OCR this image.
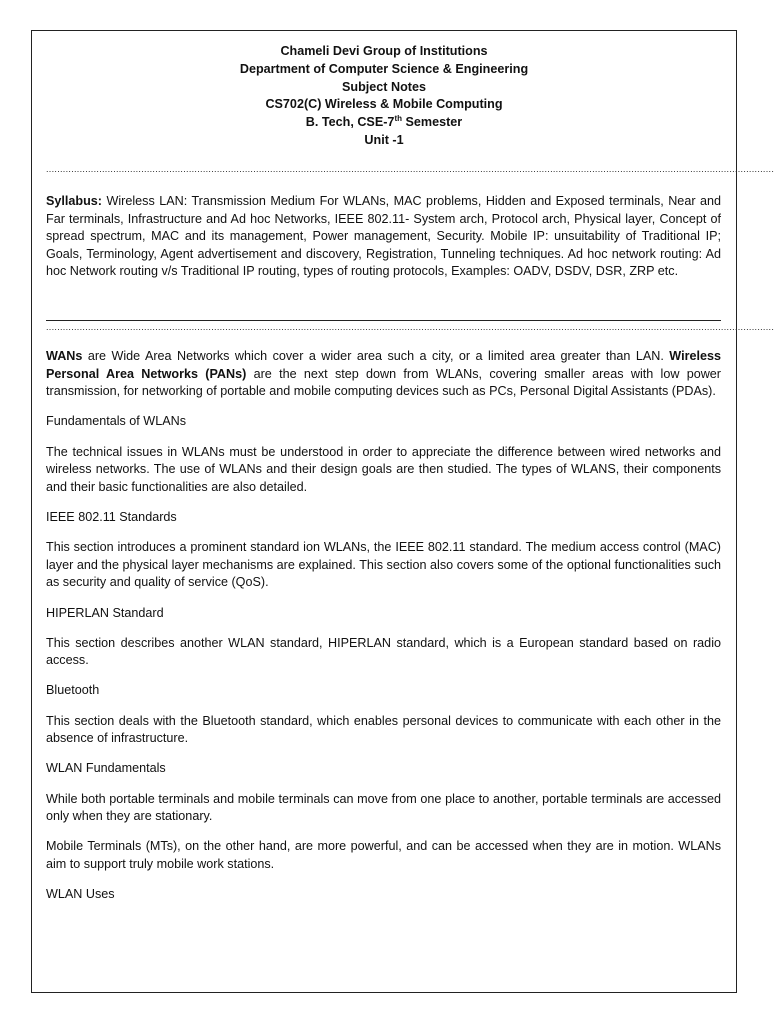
Chameli Devi Group of Institutions
Department of Computer Science & Engineering
Subject Notes
CS702(C) Wireless & Mobile Computing
B. Tech, CSE-7th Semester
Unit -1
....................................................................................................................................................................................................................................................................
Syllabus: Wireless LAN: Transmission Medium For WLANs, MAC problems, Hidden and Exposed terminals, Near and Far terminals, Infrastructure and Ad hoc Networks, IEEE 802.11- System arch, Protocol arch, Physical layer, Concept of spread spectrum, MAC and its management, Power management, Security. Mobile IP: unsuitability of Traditional IP; Goals, Terminology, Agent advertisement and discovery, Registration, Tunneling techniques. Ad hoc network routing: Ad hoc Network routing v/s Traditional IP routing, types of routing protocols, Examples: OADV, DSDV, DSR, ZRP etc.
....................................................................................................................................................................................................................................................................

WANs are Wide Area Networks which cover a wider area such a city, or a limited area greater than LAN. Wireless Personal Area Networks (PANs) are the next step down from WLANs, covering smaller areas with low power transmission, for networking of portable and mobile computing devices such as PCs, Personal Digital Assistants (PDAs).

Fundamentals of WLANs

The technical issues in WLANs must be understood in order to appreciate the difference between wired networks and wireless networks. The use of WLANs and their design goals are then studied. The types of WLANS, their components and their basic functionalities are also detailed.

IEEE 802.11 Standards

This section introduces a prominent standard ion WLANs, the IEEE 802.11 standard. The medium access control (MAC) layer and the physical layer mechanisms are explained. This section also covers some of the optional functionalities such as security and quality of service (QoS).

HIPERLAN Standard

This section describes another WLAN standard, HIPERLAN standard, which is a European standard based on radio access.

Bluetooth

This section deals with the Bluetooth standard, which enables personal devices to communicate with each other in the absence of infrastructure.

WLAN Fundamentals

While both portable terminals and mobile terminals can move from one place to another, portable terminals are accessed only when they are stationary.

Mobile Terminals (MTs), on the other hand, are more powerful, and can be accessed when they are in motion. WLANs aim to support truly mobile work stations.

WLAN Uses
